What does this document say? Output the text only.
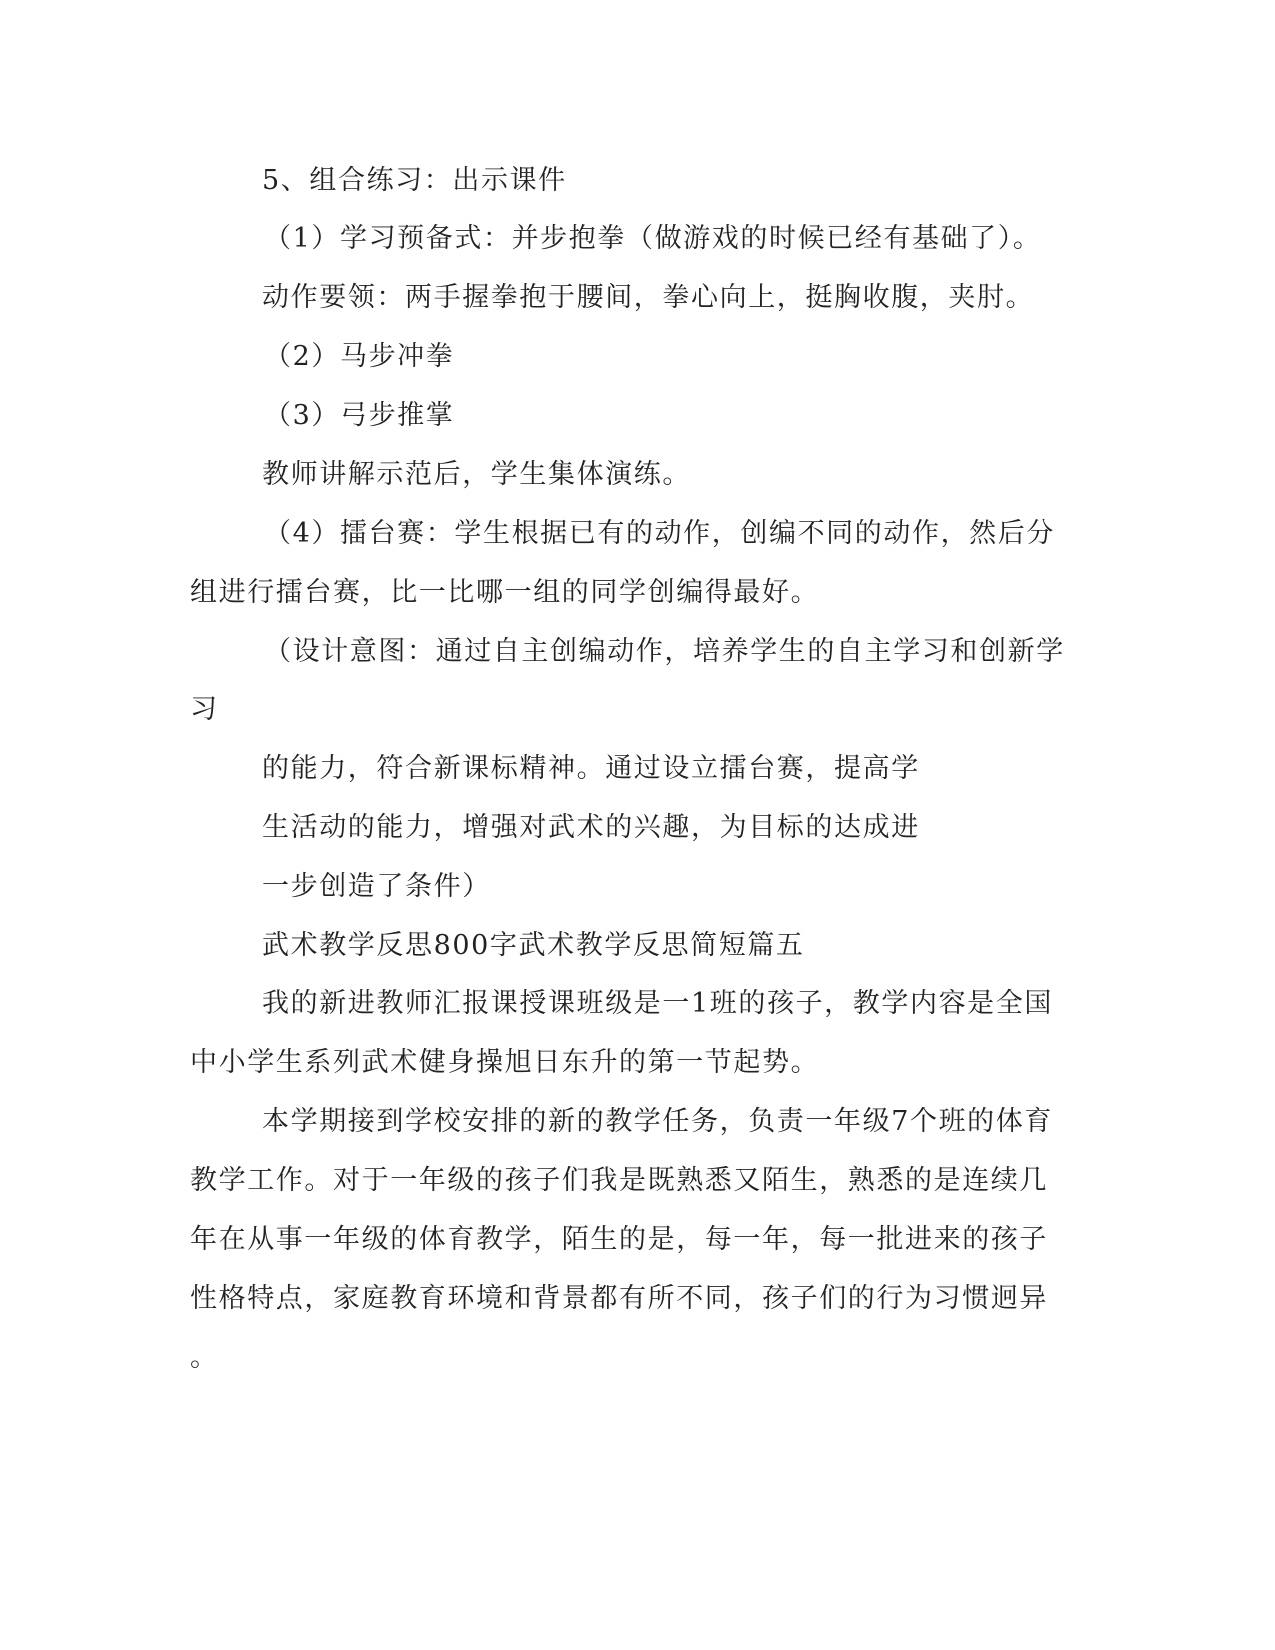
5、组合练习：出示课件
（1）学习预备式：并步抱拳（做游戏的时候已经有基础了）。
动作要领：两手握拳抱于腰间，拳心向上，挺胸收腹，夹肘。
（2）马步冲拳
（3）弓步推掌
教师讲解示范后，学生集体演练。
（4）擂台赛：学生根据已有的动作，创编不同的动作，然后分
组进行擂台赛，比一比哪一组的同学创编得最好。
（设计意图：通过自主创编动作，培养学生的自主学习和创新学
习
的能力，符合新课标精神。通过设立擂台赛，提高学
生活动的能力，增强对武术的兴趣，为目标的达成进
一步创造了条件）
武术教学反思800字武术教学反思简短篇五
我的新进教师汇报课授课班级是一1班的孩子，教学内容是全国
中小学生系列武术健身操旭日东升的第一节起势。
本学期接到学校安排的新的教学任务，负责一年级7个班的体育
教学工作。对于一年级的孩子们我是既熟悉又陌生，熟悉的是连续几
年在从事一年级的体育教学，陌生的是，每一年，每一批进来的孩子
性格特点，家庭教育环境和背景都有所不同，孩子们的行为习惯迥异
。
